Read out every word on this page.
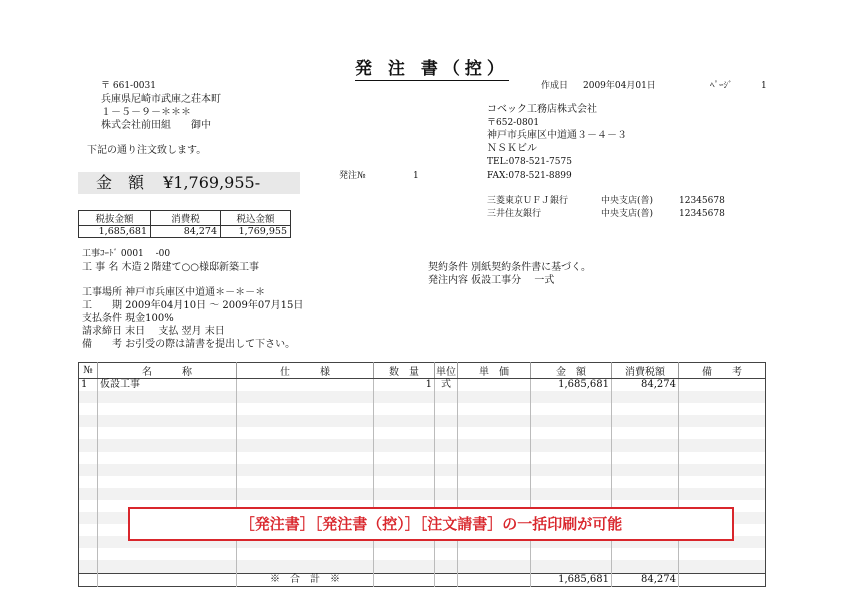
発 注 書（控）
作成日 2009年04月01日	ﾍﾟｰｼﾞ	1
〒 661-0031
兵庫県尼崎市武庫之荘本町
１－５－９－＊＊＊
株式会社前田組　　御中
下記の通り注文致します。
金　額 ¥1,769,955-	発注№	1
コベック工務店株式会社
〒652-0801
神戸市兵庫区中道通３－４－３
ＮＳＫビル
TEL:078-521-7575
FAX:078-521-8899
三菱東京ＵＦＪ銀行	中央支店(普)	12345678
三井住友銀行	中央支店(普)	12345678
税抜金額	消費税	税込金額
1,685,681	84,274	1,769,955
工事ｺｰﾄﾞ 0001　 -00
工 事 名 木造２階建て○○様邸新築工事
工事場所 神戸市兵庫区中道通＊－＊－＊
工　　期 2009年04月10日 ～ 2009年07月15日
支払条件 現金100%
請求締日 末日　 支払 翌月 末日
備　　考 お引受の際は請書を提出して下さい。
契約条件 別紙契約条件書に基づく。
発注内容 仮設工事分　 一式
№	名　　　称	仕　　　様	数　量	単位	単　価	金　額	消費税額	備　　考
1	仮設工事		1	式		1,685,681	84,274	

		※　合　計　※				1,685,681	84,274	
［発注書］［発注書（控）］［注文請書］の一括印刷が可能
